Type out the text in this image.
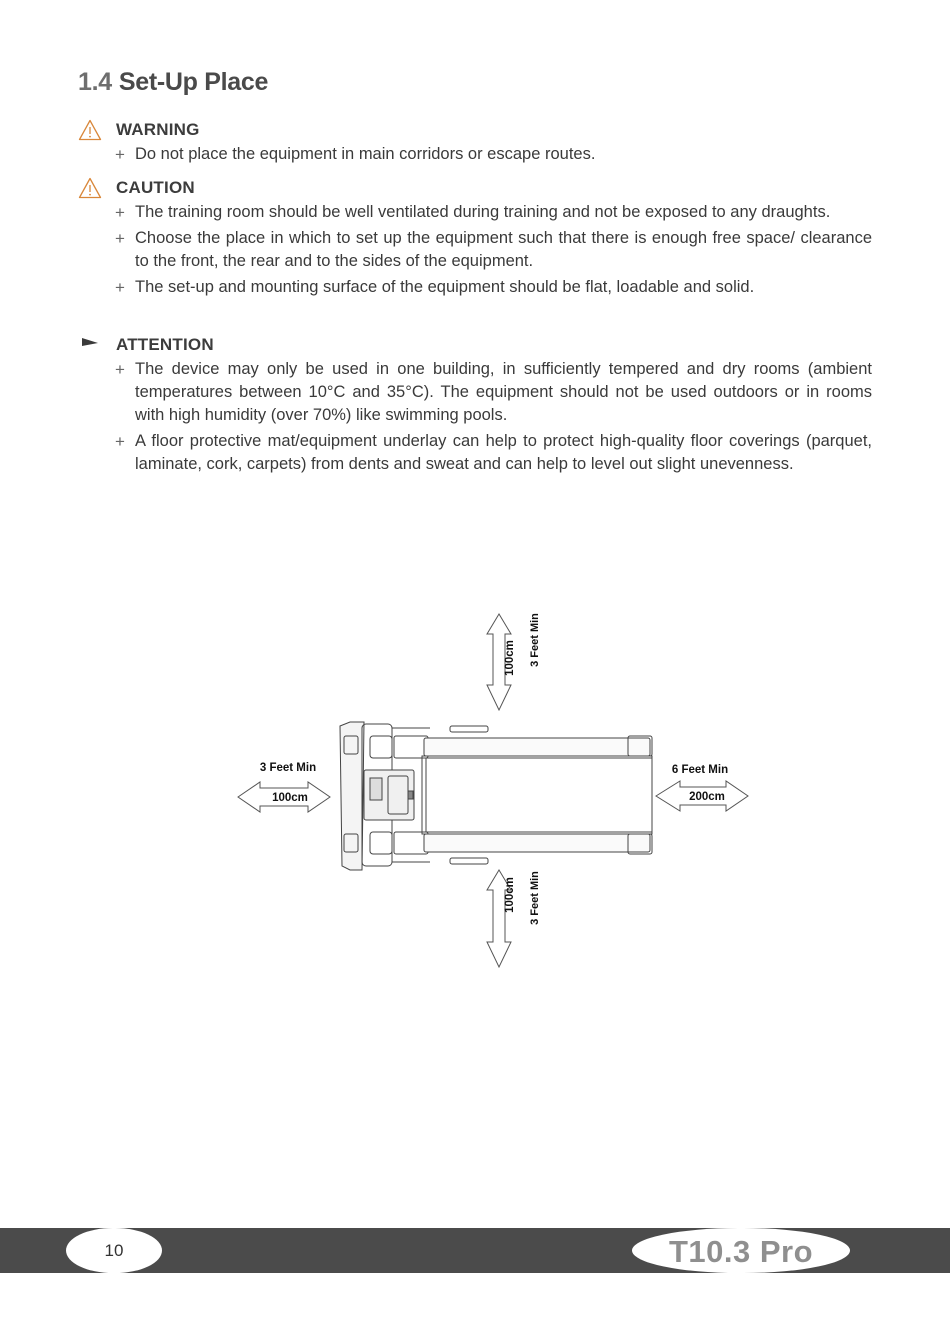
1.4 Set-Up Place
WARNING
+ Do not place the equipment in main corridors or escape routes.
CAUTION
+ The training room should be well ventilated during training and not be exposed to any draughts.
+ Choose the place in which to set up the equipment such that there is enough free space/ clearance to the front, the rear and to the sides of the equipment.
+ The set-up and mounting surface of the equipment should be flat, loadable and solid.
ATTENTION
+ The device may only be used in one building, in sufficiently tempered and dry rooms (ambient temperatures between 10°C and 35°C). The equipment should not be used outdoors or in rooms with high humidity (over 70%) like swimming pools.
+ A floor protective mat/equipment underlay can help to protect high-quality floor coverings (parquet, laminate, cork, carpets) from dents and sweat and can help to level out slight unevenness.
100cm 3 Feet Min
100cm 3 Feet Min
3 Feet Min
100cm
6 Feet Min
200cm
10	T10.3 Pro
